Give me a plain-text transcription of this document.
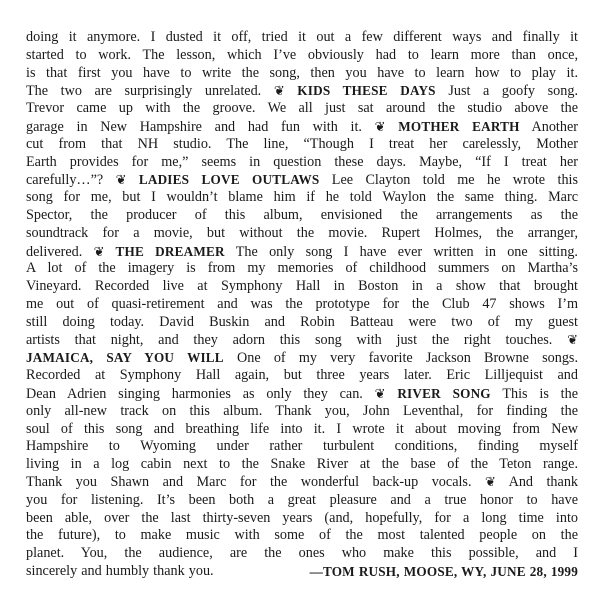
doing it anymore. I dusted it off, tried it out a few different ways and finally it
started to work. The lesson, which I’ve obviously had to learn more than once,
is that first you have to write the song, then you have to learn how to play it.
The two are surprisingly unrelated. ❦ KIDS THESE DAYS Just a goofy song.
Trevor came up with the groove. We all just sat around the studio above the
garage in New Hampshire and had fun with it. ❦ MOTHER EARTH Another
cut from that NH studio. The line, “Though I treat her carelessly, Mother
Earth provides for me,” seems in question these days. Maybe, “If I treat her
carefully…”? ❦ LADIES LOVE OUTLAWS Lee Clayton told me he wrote this
song for me, but I wouldn’t blame him if he told Waylon the same thing. Marc
Spector, the producer of this album, envisioned the arrangements as the
soundtrack for a movie, but without the movie. Rupert Holmes, the arranger,
delivered. ❦ THE DREAMER The only song I have ever written in one sitting.
A lot of the imagery is from my memories of childhood summers on Martha’s
Vineyard. Recorded live at Symphony Hall in Boston in a show that brought
me out of quasi-retirement and was the prototype for the Club 47 shows I’m
still doing today. David Buskin and Robin Batteau were two of my guest
artists that night, and they adorn this song with just the right touches. ❦
JAMAICA, SAY YOU WILL One of my very favorite Jackson Browne songs.
Recorded at Symphony Hall again, but three years later. Eric Lilljequist and
Dean Adrien singing harmonies as only they can. ❦ RIVER SONG This is the
only all-new track on this album. Thank you, John Leventhal, for finding the
soul of this song and breathing life into it. I wrote it about moving from New
Hampshire to Wyoming under rather turbulent conditions, finding myself
living in a log cabin next to the Snake River at the base of the Teton range.
Thank you Shawn and Marc for the wonderful back-up vocals. ❦ And thank
you for listening. It’s been both a great pleasure and a true honor to have
been able, over the last thirty-seven years (and, hopefully, for a long time into
the future), to make music with some of the most talented people on the
planet. You, the audience, are the ones who make this possible, and I
sincerely and humbly thank you.	—TOM RUSH, MOOSE, WY, JUNE 28, 1999
